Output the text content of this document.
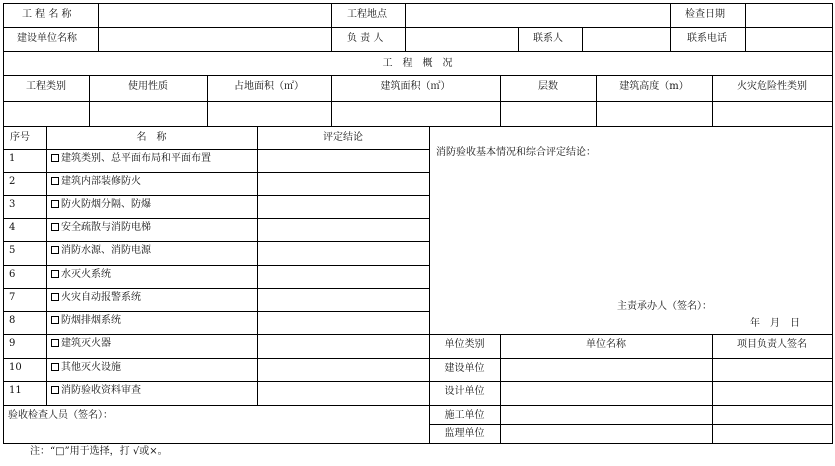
工 程 名 称	工程地点	检查日期
建设单位名称	负 责 人	联系人	联系电话
工　程　概　况
工程类别	使用性质	占地面积（㎡）	建筑面积（㎡）	层数	建筑高度（m）	火灾危险性类别
序号	名　称	评定结论
1	建筑类别、总平面布局和平面布置
2	建筑内部装修防火
3	防火防烟分隔、防爆
4	安全疏散与消防电梯
5	消防水源、消防电源
6	水灭火系统
7	火灾自动报警系统
8	防烟排烟系统
9	建筑灭火器
10	其他灭火设施
11	消防验收资料审查
验收检查人员（签名）：
注：“□”用于选择，打 √或×。
消防验收基本情况和综合评定结论：
主责承办人（签名）：
年　月　日
单位类别	单位名称	项目负责人签名
建设单位
设计单位
施工单位
监理单位
